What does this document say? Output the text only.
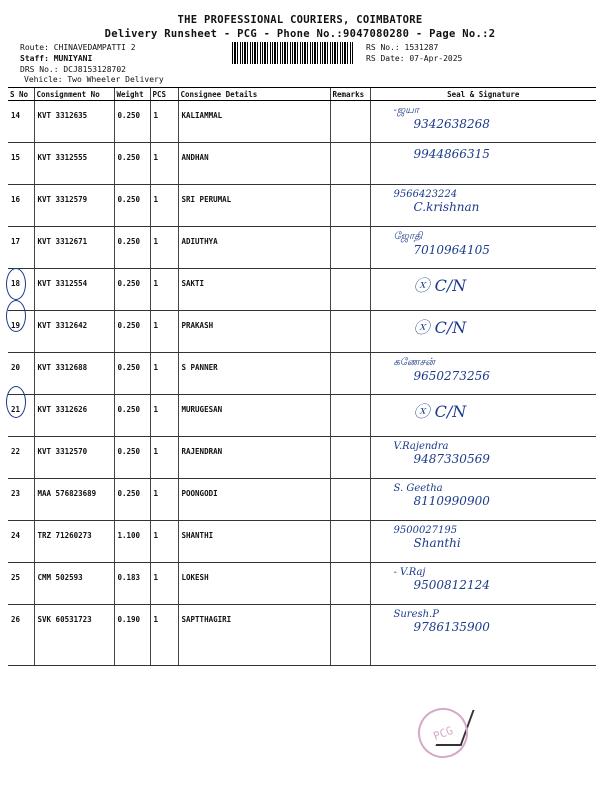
THE PROFESSIONAL COURIERS, COIMBATORE
Delivery Runsheet - PCG - Phone No.:9047080280 - Page No.:2
Route: CHINAVEDAMPATTI 2
Staff: MUNIYANI
DRS No.: DCJ8153128702
Vehicle: Two Wheeler Delivery
RS No.: 1531287
RS Date: 07-Apr-2025
S No	Consignment No	Weight	PCS	Consignee Details	Remarks	Seal & Signature
14	KVT 3312635	0.250	1	KALIAMMAL		-ஜயா
9342638268

15	KVT 3312555	0.250	1	ANDHAN		9944866315

16	KVT 3312579	0.250	1	SRI PERUMAL		9566423224
C.krishnan

17	KVT 3312671	0.250	1	ADIUTHYA		ஜோதி
7010964105

18	KVT 3312554	0.250	1	SAKTI		ⓧ C/N

19	KVT 3312642	0.250	1	PRAKASH		ⓧ C/N

20	KVT 3312688	0.250	1	S PANNER		கணேசன்
9650273256

21	KVT 3312626	0.250	1	MURUGESAN		ⓧ C/N

22	KVT 3312570	0.250	1	RAJENDRAN		V.Rajendra
9487330569

23	MAA 576823689	0.250	1	POONGODI		S. Geetha
8110990900

24	TRZ 71260273	1.100	1	SHANTHI		9500027195
Shanthi

25	CMM 502593	0.183	1	LOKESH		- V.Raj
9500812124

26	SVK 60531723	0.190	1	SAPTTHAGIRI		Suresh.P
9786135900
PCG
